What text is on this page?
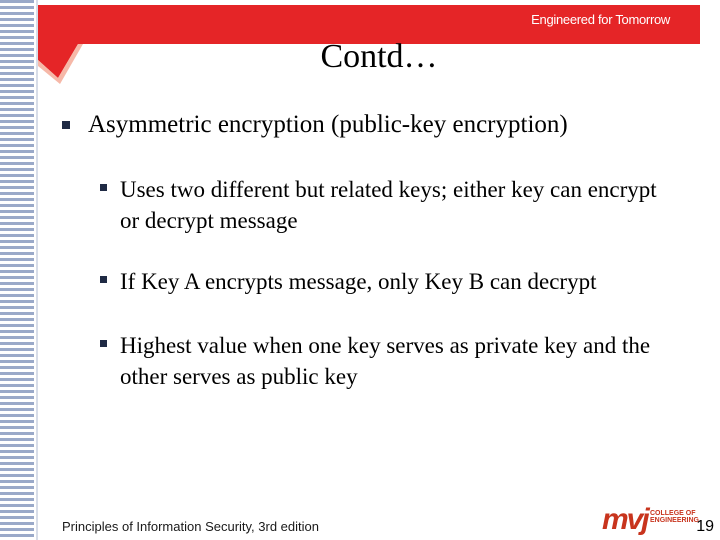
Engineered for Tomorrow
Contd…
Asymmetric encryption (public-key encryption)
Uses two different but related keys; either key can encrypt or decrypt message
If Key A encrypts message, only Key B can decrypt
Highest value when one key serves as private key and the other serves as public key
Principles of Information Security, 3rd edition	mvj COLLEGE OF
ENGINEERING
19
